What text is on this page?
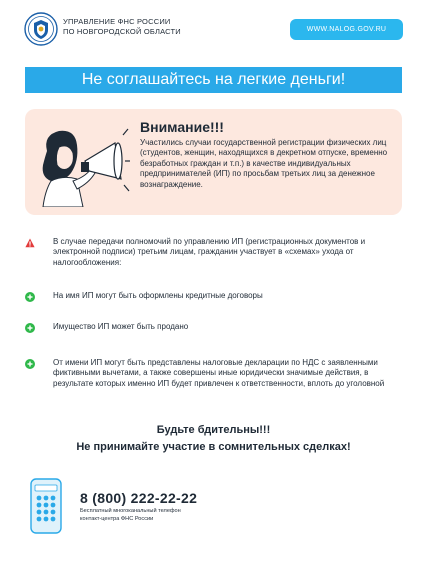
УПРАВЛЕНИЕ ФНС РОССИИ
ПО НОВГОРОДСКОЙ ОБЛАСТИ	WWW.NALOG.GOV.RU
Не соглашайтесь на легкие деньги!
Внимание!!!
Участились случаи государственной регистрации физических лиц (студентов, женщин, находящихся в декретном отпуске, временно безработных граждан и т.п.) в качестве индивидуальных предпринимателей (ИП) по просьбам третьих лиц за денежное вознаграждение.
В случае передачи полномочий по управлению ИП (регистрационных документов и электронной подписи) третьим лицам, гражданин участвует в «схемах» ухода от налогообложения:
На имя ИП могут быть оформлены кредитные договоры
Имущество ИП может быть продано
От имени ИП могут быть представлены налоговые декларации по НДС с заявленными фиктивными вычетами, а также совершены иные юридически значимые действия, в результате которых именно ИП будет привлечен к ответственности, вплоть до уголовной
Будьте бдительны!!!
Не принимайте участие в сомнительных сделках!
8 (800) 222-22-22
Бесплатный многоканальный телефон
контакт-центра ФНС России
